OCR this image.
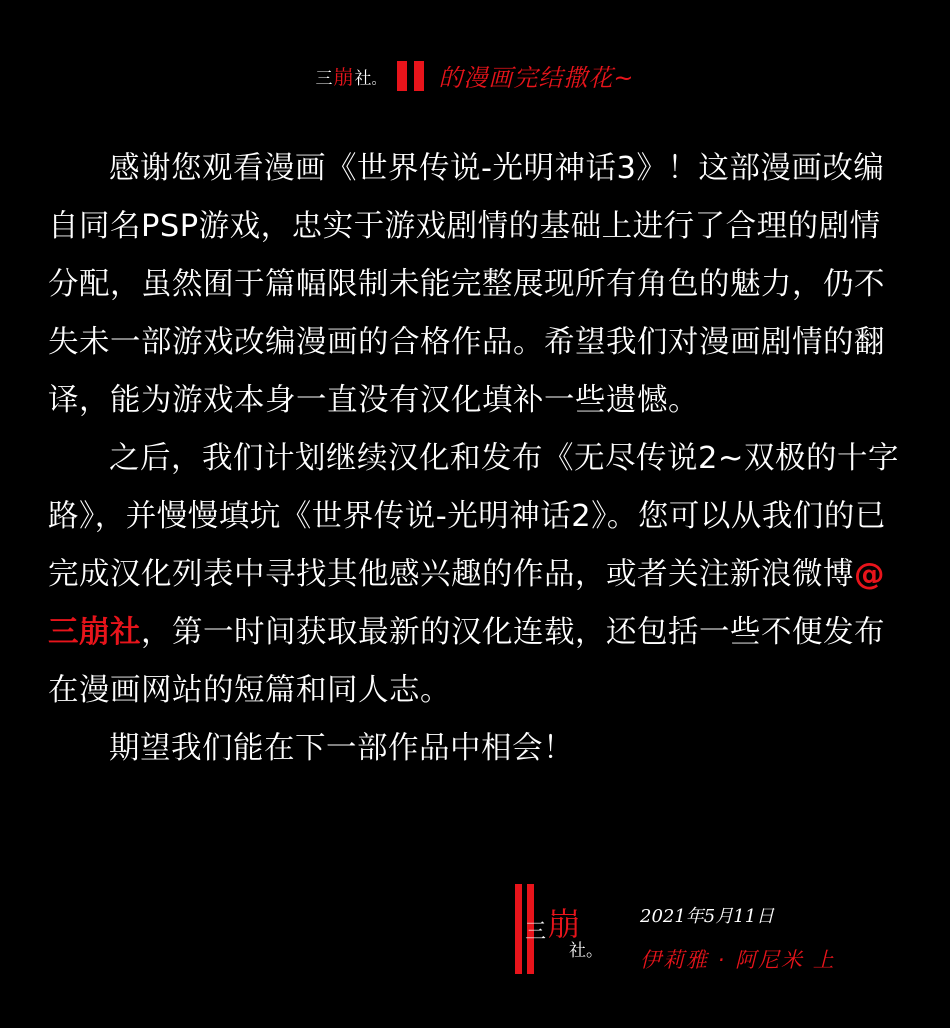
三 崩 社 。 的漫画完结撒花~

感谢您观看漫画《世界传说-光明神话3》！这部漫画改编自同名PSP游戏，忠实于游戏剧情的基础上进行了合理的剧情分配，虽然囿于篇幅限制未能完整展现所有角色的魅力，仍不失未一部游戏改编漫画的合格作品。希望我们对漫画剧情的翻译，能为游戏本身一直没有汉化填补一些遗憾。

之后，我们计划继续汉化和发布《无尽传说2~双极的十字路》，并慢慢填坑《世界传说-光明神话2》。您可以从我们的已完成汉化列表中寻找其他感兴趣的作品，或者关注新浪微博@三崩社，第一时间获取最新的汉化连载，还包括一些不便发布在漫画网站的短篇和同人志。

期望我们能在下一部作品中相会！

三 崩
社。
2021年5月11日
伊莉雅 · 阿尼米 上
